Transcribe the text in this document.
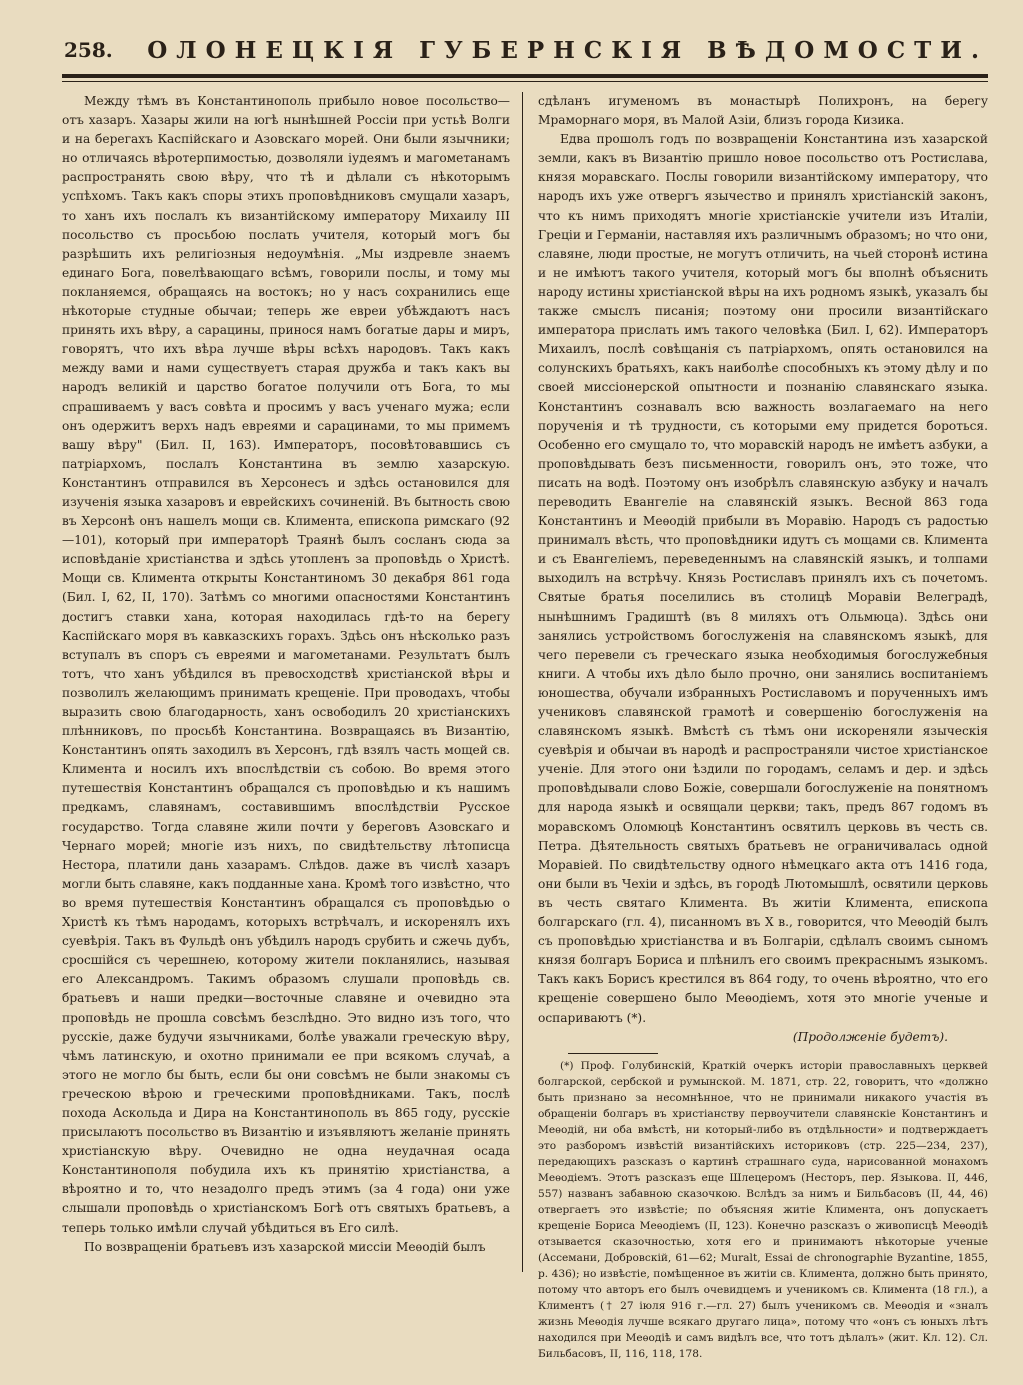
258.	ОЛОНЕЦКІЯ ГУБЕРНСКІЯ ВѢДОМОСТИ.

Между тѣмъ въ Константинополь прибыло новое посольство—отъ хазаръ. Хазары жили на югѣ нынѣшней Россіи при устьѣ Волги и на берегахъ Каспійскаго и Азовскаго морей. Они были язычники; но отличаясь вѣротерпимостью, дозволяли іудеямъ и магометанамъ распространять свою вѣру, что тѣ и дѣлали съ нѣкоторымъ успѣхомъ. Такъ какъ споры этихъ проповѣдниковъ смущали хазаръ, то ханъ ихъ послалъ къ византійскому императору Михаилу III посольство съ просьбою послать учителя, который могъ бы разрѣшить ихъ религіозныя недоумѣнія. „Мы издревле знаемъ единаго Бога, повелѣвающаго всѣмъ, говорили послы, и тому мы покланяемся, обращаясь на востокъ; но у насъ сохранились еще нѣкоторые студные обычаи; теперь же евреи убѣждаютъ насъ принять ихъ вѣру, а сарацины, принося намъ богатые дары и миръ, говорятъ, что ихъ вѣра лучше вѣры всѣхъ народовъ. Такъ какъ между вами и нами существуетъ старая дружба и такъ какъ вы народъ великій и царство богатое получили отъ Бога, то мы спрашиваемъ у васъ совѣта и просимъ у васъ ученаго мужа; если онъ одержитъ верхъ надъ евреями и сарацинами, то мы примемъ вашу вѣру" (Бил. II, 163). Императоръ, посовѣтовавшись съ патріархомъ, послалъ Константина въ землю хазарскую. Константинъ отправился въ Херсонесъ и здѣсь остановился для изученія языка хазаровъ и еврейскихъ сочиненій. Въ бытность свою въ Херсонѣ онъ нашелъ мощи св. Климента, епископа римскаго (92—101), который при императорѣ Траянѣ былъ сосланъ сюда за исповѣданіе христіанства и здѣсь утопленъ за проповѣдь о Христѣ. Мощи св. Климента открыты Константиномъ 30 декабря 861 года (Бил. I, 62, II, 170). Затѣмъ со многими опасностями Константинъ достигъ ставки хана, которая находилась гдѣ-то на берегу Каспійскаго моря въ кавказскихъ горахъ. Здѣсь онъ нѣсколько разъ вступалъ въ споръ съ евреями и магометанами. Результатъ былъ тотъ, что ханъ убѣдился въ превосходствѣ христіанской вѣры и позволилъ желающимъ принимать крещеніе. При проводахъ, чтобы выразить свою благодарность, ханъ освободилъ 20 христіанскихъ плѣнниковъ, по просьбѣ Константина. Возвращаясь въ Византію, Константинъ опять заходилъ въ Херсонъ, гдѣ взялъ часть мощей св. Климента и носилъ ихъ впослѣдствіи съ собою. Во время этого путешествія Константинъ обращался съ проповѣдью и къ нашимъ предкамъ, славянамъ, составившимъ впослѣдствіи Русское государство. Тогда славяне жили почти у береговъ Азовскаго и Чернаго морей; многіе изъ нихъ, по свидѣтельству лѣтописца Нестора, платили дань хазарамъ. Слѣдов. даже въ числѣ хазаръ могли быть славяне, какъ подданные хана. Кромѣ того извѣстно, что во время путешествія Константинъ обращался съ проповѣдью о Христѣ къ тѣмъ народамъ, которыхъ встрѣчалъ, и искоренялъ ихъ суевѣрія. Такъ въ Фульдѣ онъ убѣдилъ народъ срубить и сжечь дубъ, сросшійся съ черешнею, которому жители покланялись, называя его Александромъ. Такимъ образомъ слушали проповѣдь св. братьевъ и наши предки—восточные славяне и очевидно эта проповѣдь не прошла совсѣмъ безслѣдно. Это видно изъ того, что русскіе, даже будучи язычниками, болѣе уважали греческую вѣру, чѣмъ латинскую, и охотно принимали ее при всякомъ случаѣ, а этого не могло бы быть, если бы они совсѣмъ не были знакомы съ греческою вѣрою и греческими проповѣдниками. Такъ, послѣ похода Аскольда и Дира на Константинополь въ 865 году, русскіе присылаютъ посольство въ Византію и изъявляютъ желаніе принять христіанскую вѣру. Очевидно не одна неудачная осада Константинополя побудила ихъ къ принятію христіанства, а вѣроятно и то, что незадолго предъ этимъ (за 4 года) они уже слышали проповѣдь о христіанскомъ Богѣ отъ святыхъ братьевъ, а теперь только имѣли случай убѣдиться въ Его силѣ.

По возвращеніи братьевъ изъ хазарской миссіи Меѳодій былъ

сдѣланъ игуменомъ въ монастырѣ Полихронъ, на берегу Мраморнаго моря, въ Малой Азіи, близъ города Кизика.

Едва прошолъ годъ по возвращеніи Константина изъ хазарской земли, какъ въ Византію пришло новое посольство отъ Ростислава, князя моравскаго. Послы говорили византійскому императору, что народъ ихъ уже отвергъ язычество и принялъ христіанскій законъ, что къ нимъ приходятъ многіе христіанскіе учители изъ Италіи, Греціи и Германіи, наставляя ихъ различнымъ образомъ; но что они, славяне, люди простые, не могутъ отличить, на чьей сторонѣ истина и не имѣютъ такого учителя, который могъ бы вполнѣ объяснить народу истины христіанской вѣры на ихъ родномъ языкѣ, указалъ бы также смыслъ писанія; поэтому они просили византійскаго императора прислать имъ такого человѣка (Бил. I, 62). Императоръ Михаилъ, послѣ совѣщанія съ патріархомъ, опять остановился на солунскихъ братьяхъ, какъ наиболѣе способныхъ къ этому дѣлу и по своей миссіонерской опытности и познанію славянскаго языка. Константинъ сознавалъ всю важность возлагаемаго на него порученія и тѣ трудности, съ которыми ему придется бороться. Особенно его смущало то, что моравскій народъ не имѣетъ азбуки, а проповѣдывать безъ письменности, говорилъ онъ, это тоже, что писать на водѣ. Поэтому онъ изобрѣлъ славянскую азбуку и началъ переводить Евангеліе на славянскій языкъ. Весной 863 года Константинъ и Меѳодій прибыли въ Моравію. Народъ съ радостью принималъ вѣсть, что проповѣдники идутъ съ мощами св. Климента и съ Евангеліемъ, переведеннымъ на славянскій языкъ, и толпами выходилъ на встрѣчу. Князь Ростиславъ принялъ ихъ съ почетомъ. Святые братья поселились въ столицѣ Моравіи Велеградѣ, нынѣшнимъ Градиштѣ (въ 8 миляхъ отъ Ольмюца). Здѣсь они занялись устройствомъ богослуженія на славянскомъ языкѣ, для чего перевели съ греческаго языка необходимыя богослужебныя книги. А чтобы ихъ дѣло было прочно, они занялись воспитаніемъ юношества, обучали избранныхъ Ростиславомъ и порученныхъ имъ учениковъ славянской грамотѣ и совершенію богослуженія на славянскомъ языкѣ. Вмѣстѣ съ тѣмъ они искореняли языческія суевѣрія и обычаи въ народѣ и распространяли чистое христіанское ученіе. Для этого они ѣздили по городамъ, селамъ и дер. и здѣсь проповѣдывали слово Божіе, совершали богослуженіе на понятномъ для народа языкѣ и освящали церкви; такъ, предъ 867 годомъ въ моравскомъ Оломюцѣ Константинъ освятилъ церковь въ честь св. Петра. Дѣятельность святыхъ братьевъ не ограничивалась одной Моравіей. По свидѣтельству одного нѣмецкаго акта отъ 1416 года, они были въ Чехіи и здѣсь, въ городѣ Лютомышлѣ, освятили церковь въ честь святаго Климента. Въ житіи Климента, епископа болгарскаго (гл. 4), писанномъ въ X в., говорится, что Меѳодій былъ съ проповѣдью христіанства и въ Болгаріи, сдѣлалъ своимъ сыномъ князя болгаръ Бориса и плѣнилъ его своимъ прекраснымъ языкомъ. Такъ какъ Борисъ крестился въ 864 году, то очень вѣроятно, что его крещеніе совершено было Меѳодіемъ, хотя это многіе ученые и оспариваютъ (*).

(Продолженіе будетъ).

(*) Проф. Голубинскій, Краткій очеркъ исторіи православныхъ церквей болгарской, сербской и румынской. М. 1871, стр. 22, говоритъ, что «должно быть признано за несомнѣнное, что не принимали никакого участія въ обращеніи болгаръ въ христіанству первоучители славянскіе Константинъ и Меѳодій, ни оба вмѣстѣ, ни который-либо въ отдѣльности» и подтверждаетъ это разборомъ извѣстій византійскихъ историковъ (стр. 225—234, 237), передающихъ разсказъ о картинѣ страшнаго суда, нарисованной монахомъ Меѳодіемъ. Этотъ разсказъ еще Шлецеромъ (Несторъ, пер. Языкова. II, 446, 557) названъ забавною сказочкою. Вслѣдъ за нимъ и Бильбасовъ (II, 44, 46) отвергаетъ это извѣстіе; по объясняя житіе Климента, онъ допускаетъ крещеніе Бориса Меѳодіемъ (II, 123). Конечно разсказъ о живописцѣ Меѳодіѣ отзывается сказочностью, хотя его и принимаютъ нѣкоторые ученые (Ассемани, Добровскій, 61—62; Muralt, Essai de chronographie Byzantine, 1855, p. 436); но извѣстіе, помѣщенное въ житіи св. Климента, должно быть принято, потому что авторъ его былъ очевидцемъ и ученикомъ св. Климента (18 гл.), а Климентъ († 27 іюля 916 г.—гл. 27) былъ ученикомъ св. Меѳодія и «зналъ жизнь Меѳодія лучше всякаго другаго лица», потому что «онъ съ юныхъ лѣтъ находился при Меѳодіѣ и самъ видѣлъ все, что тотъ дѣлалъ» (жит. Кл. 12). Сл. Бильбасовъ, II, 116, 118, 178.
